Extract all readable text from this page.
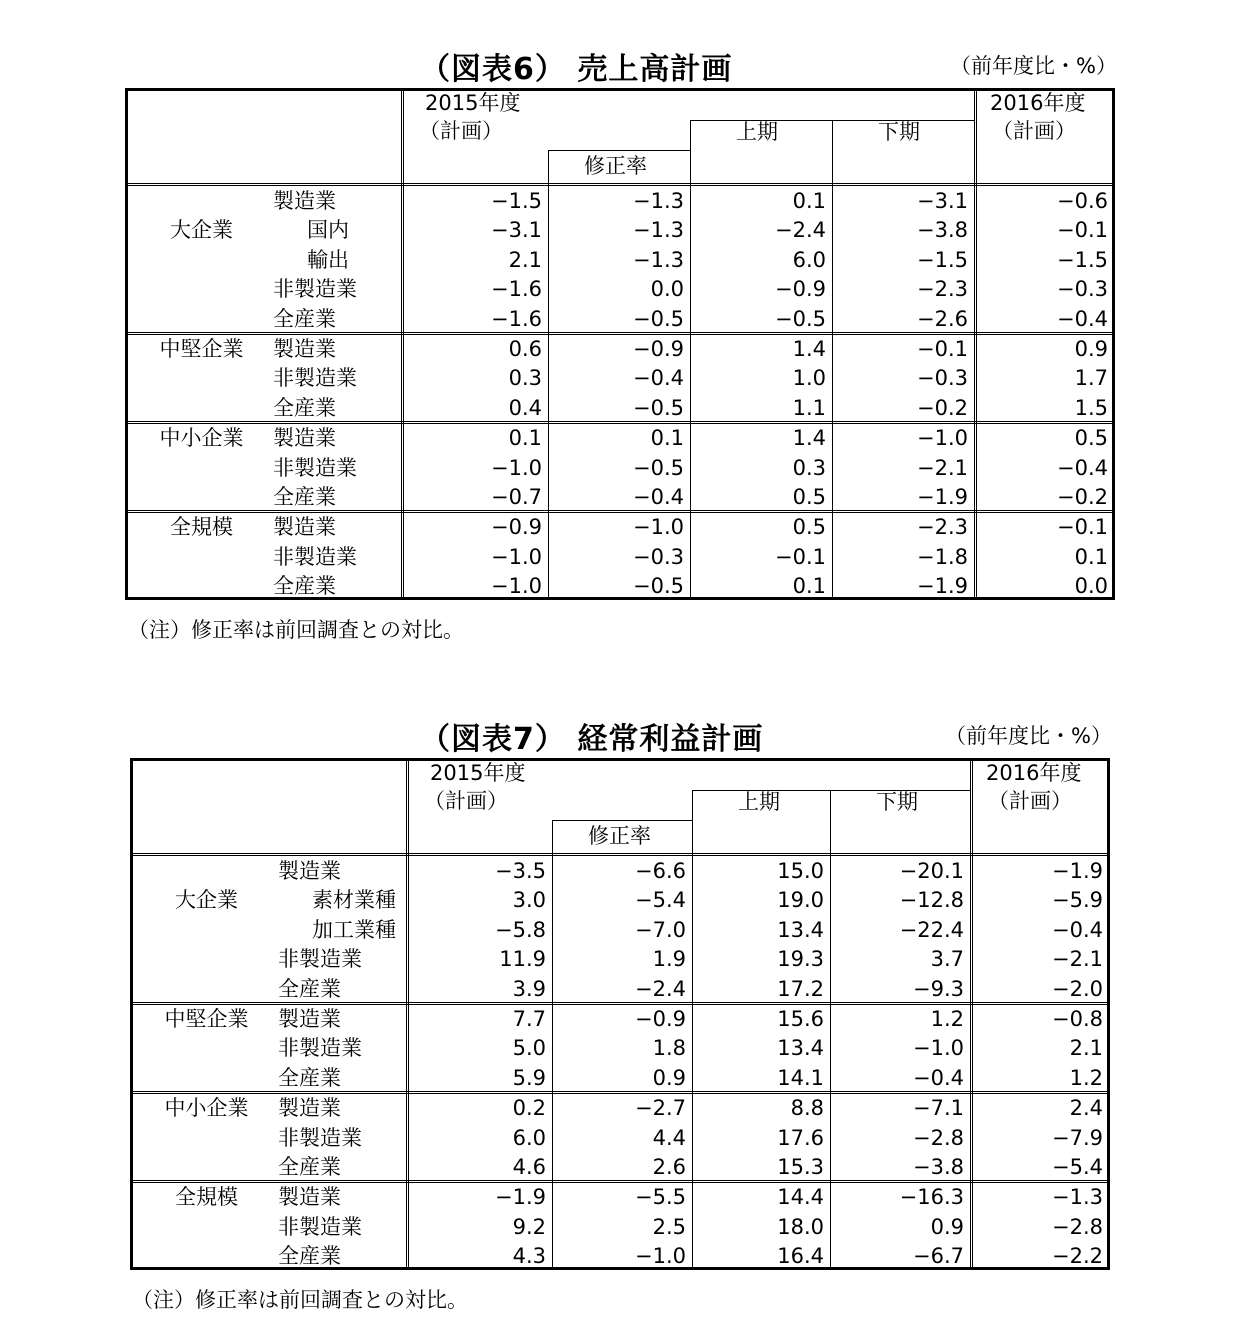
（図表6） 売上高計画	（前年度比・%）
2015年度
（計画）
修正率
上期	下期
2016年度
（計画）
大企業
製造業	−1.5	−1.3	0.1	−3.1	−0.6
国内	−3.1	−1.3	−2.4	−3.8	−0.1
輸出	2.1	−1.3	6.0	−1.5	−1.5
非製造業	−1.6	0.0	−0.9	−2.3	−0.3
全産業	−1.6	−0.5	−0.5	−2.6	−0.4
中堅企業	製造業	0.6	−0.9	1.4	−0.1	0.9
非製造業	0.3	−0.4	1.0	−0.3	1.7
全産業	0.4	−0.5	1.1	−0.2	1.5
中小企業	製造業	0.1	0.1	1.4	−1.0	0.5
非製造業	−1.0	−0.5	0.3	−2.1	−0.4
全産業	−0.7	−0.4	0.5	−1.9	−0.2
全規模	製造業	−0.9	−1.0	0.5	−2.3	−0.1
非製造業	−1.0	−0.3	−0.1	−1.8	0.1
全産業	−1.0	−0.5	0.1	−1.9	0.0
（注）修正率は前回調査との対比。
（図表7） 経常利益計画	（前年度比・%）
2015年度
（計画）
修正率
上期	下期
2016年度
（計画）
大企業
製造業	−3.5	−6.6	15.0	−20.1	−1.9
素材業種	3.0	−5.4	19.0	−12.8	−5.9
加工業種	−5.8	−7.0	13.4	−22.4	−0.4
非製造業	11.9	1.9	19.3	3.7	−2.1
全産業	3.9	−2.4	17.2	−9.3	−2.0
中堅企業	製造業	7.7	−0.9	15.6	1.2	−0.8
非製造業	5.0	1.8	13.4	−1.0	2.1
全産業	5.9	0.9	14.1	−0.4	1.2
中小企業	製造業	0.2	−2.7	8.8	−7.1	2.4
非製造業	6.0	4.4	17.6	−2.8	−7.9
全産業	4.6	2.6	15.3	−3.8	−5.4
全規模	製造業	−1.9	−5.5	14.4	−16.3	−1.3
非製造業	9.2	2.5	18.0	0.9	−2.8
全産業	4.3	−1.0	16.4	−6.7	−2.2
（注）修正率は前回調査との対比。
